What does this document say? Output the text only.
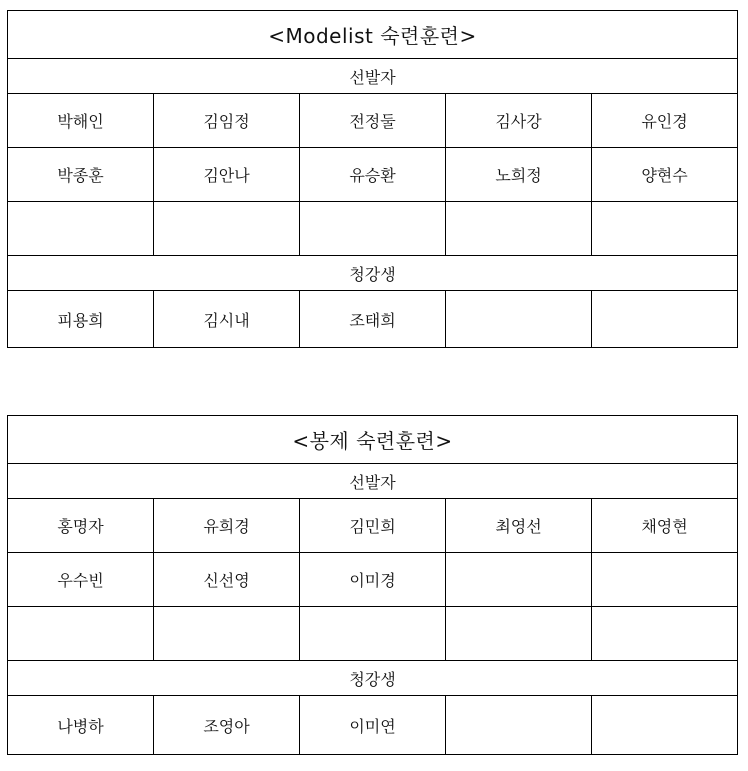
<Modelist 숙련훈련>				
선발자				
박해인	김임정	전정둘	김사강	유인경
박종훈	김안나	유승환	노희정	양현수

청강생				
피용희	김시내	조태희		
<봉제 숙련훈련>				
선발자				
홍명자	유희경	김민희	최영선	채영현
우수빈	신선영	이미경		

청강생				
나병하	조영아	이미연		
